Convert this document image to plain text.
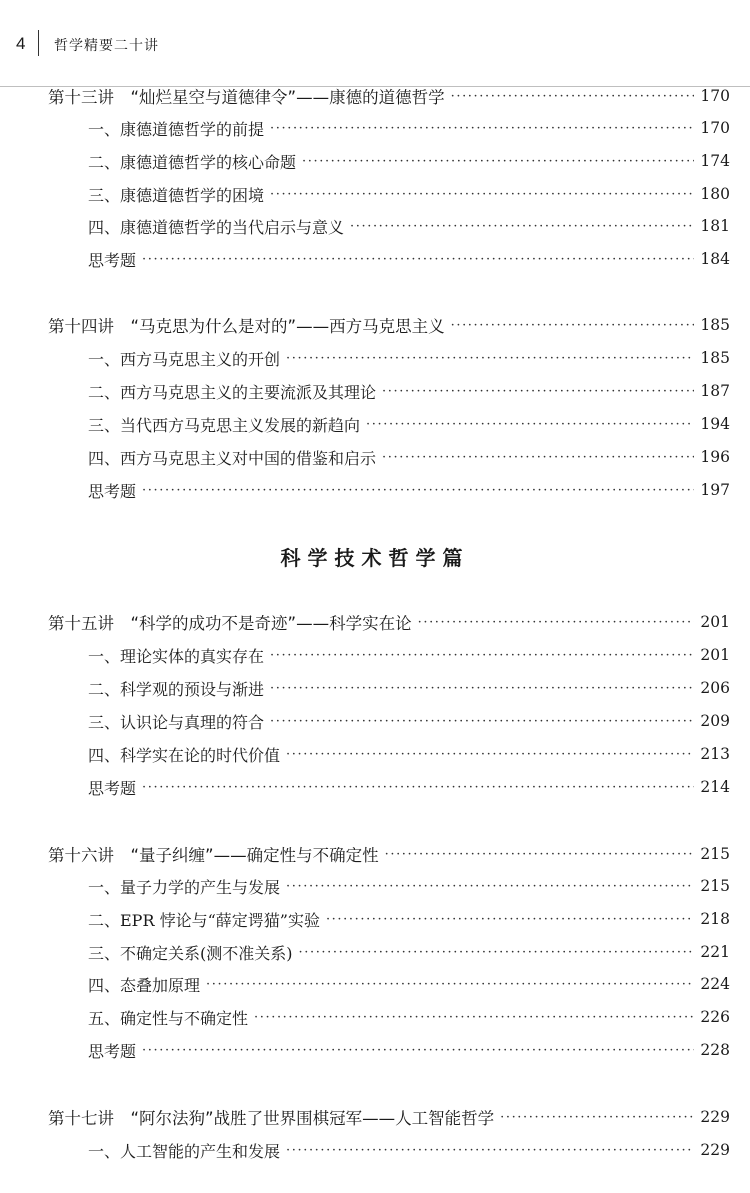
4 哲学精要二十讲
科学技术哲学篇
第十三讲　“灿烂星空与道德律令”——康德的道德哲学 ·····	170
一、康德道德哲学的前提 ·····	170
二、康德道德哲学的核心命题 ·····	174
三、康德道德哲学的困境 ·····	180
四、康德道德哲学的当代启示与意义 ·····	181
思考题 ·····	184
第十四讲　“马克思为什么是对的”——西方马克思主义 ·····	185
一、西方马克思主义的开创 ·····	185
二、西方马克思主义的主要流派及其理论 ·····	187
三、当代西方马克思主义发展的新趋向 ·····	194
四、西方马克思主义对中国的借鉴和启示 ·····	196
思考题 ·····	197
第十五讲　“科学的成功不是奇迹”——科学实在论 ·····	201
一、理论实体的真实存在 ·····	201
二、科学观的预设与渐进 ·····	206
三、认识论与真理的符合 ·····	209
四、科学实在论的时代价值 ·····	213
思考题 ·····	214
第十六讲　“量子纠缠”——确定性与不确定性 ·····	215
一、量子力学的产生与发展 ·····	215
二、EPR 悖论与“薛定谔猫”实验 ·····	218
三、不确定关系(测不准关系) ·····	221
四、态叠加原理 ·····	224
五、确定性与不确定性 ·····	226
思考题 ·····	228
第十七讲　“阿尔法狗”战胜了世界围棋冠军——人工智能哲学 ·····	229
一、人工智能的产生和发展 ·····	229
